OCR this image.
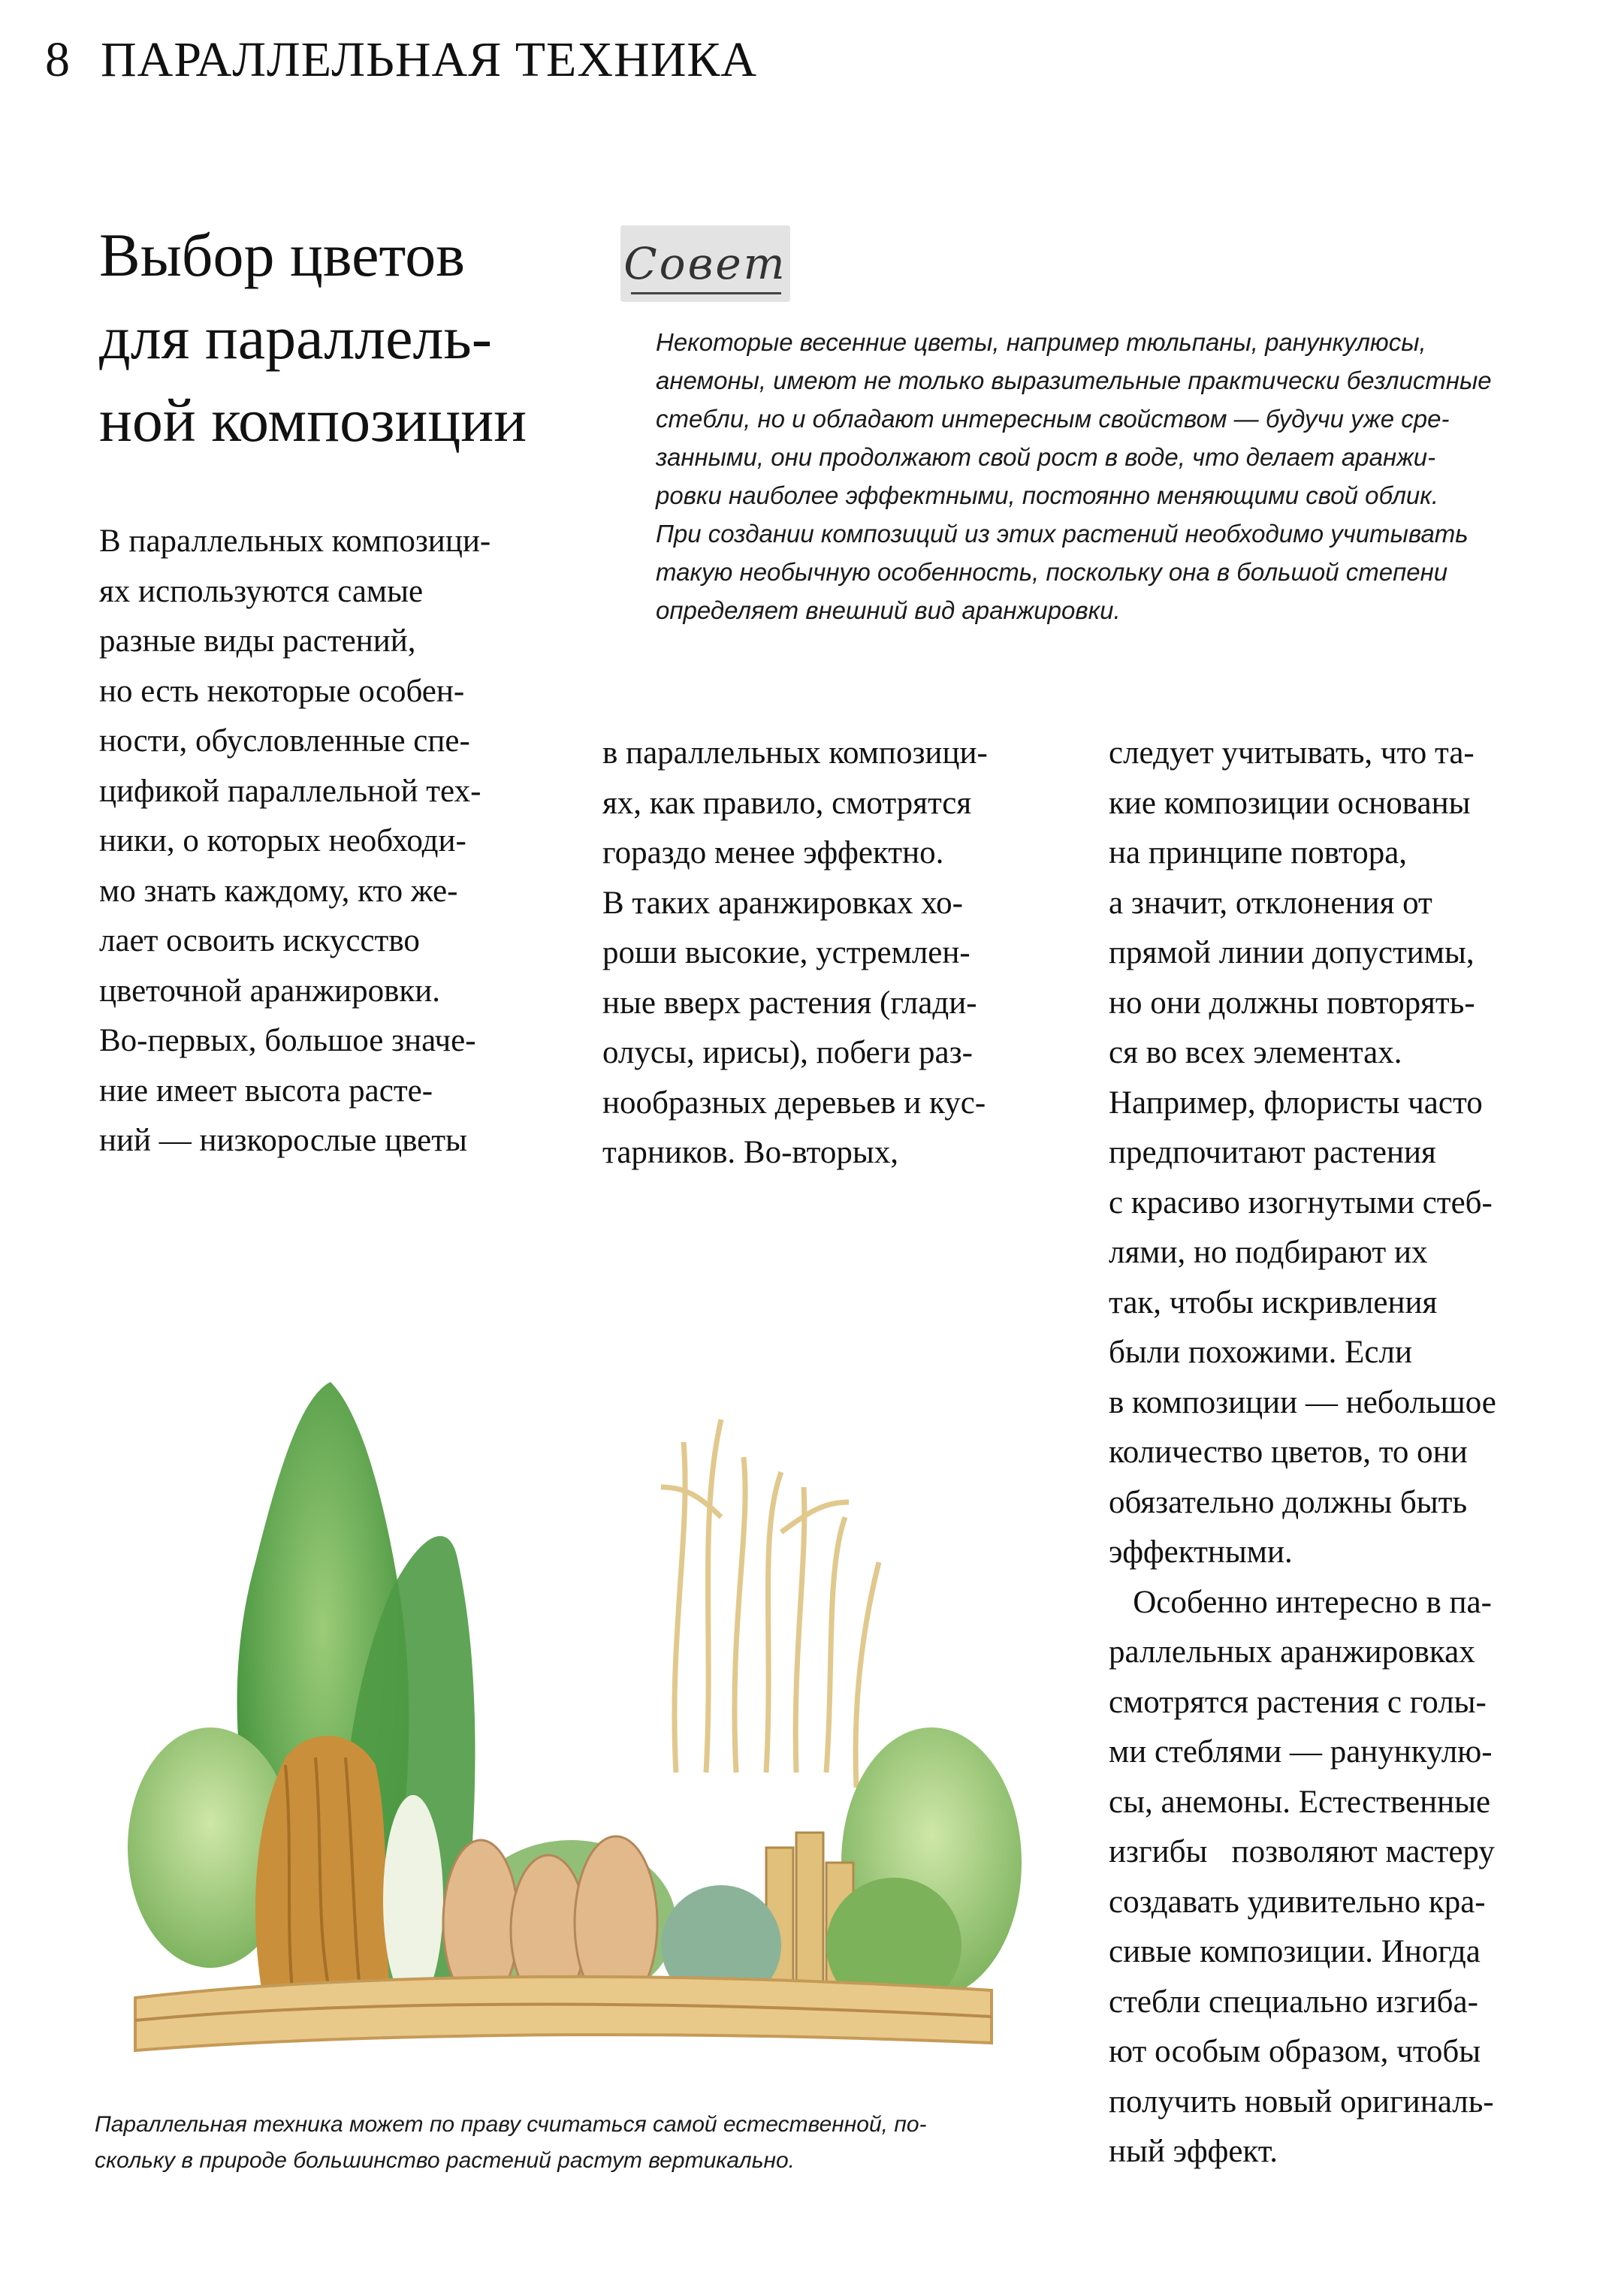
8 ПАРАЛЛЕЛЬНАЯ ТЕХНИКА
Выбор цветов
для параллель-
ной композиции
Совет
Некоторые весенние цветы, например тюльпаны, ранункулюсы,
анемоны, имеют не только выразительные практически безлистные
стебли, но и обладают интересным свойством — будучи уже сре-
занными, они продолжают свой рост в воде, что делает аранжи-
ровки наиболее эффектными, постоянно меняющими свой облик.
При создании композиций из этих растений необходимо учитывать
такую необычную особенность, поскольку она в большой степени
определяет внешний вид аранжировки.
В параллельных композици-
ях используются самые
разные виды растений,
но есть некоторые особен-
ности, обусловленные спе-
цификой параллельной тех-
ники, о которых необходи-
мо знать каждому, кто же-
лает освоить искусство
цветочной аранжировки.
Во-первых, большое значе-
ние имеет высота расте-
ний — низкорослые цветы
в параллельных композици-
ях, как правило, смотрятся
гораздо менее эффектно.
В таких аранжировках хо-
роши высокие, устремлен-
ные вверх растения (глади-
олусы, ирисы), побеги раз-
нообразных деревьев и кус-
тарников. Во-вторых,
следует учитывать, что та-
кие композиции основаны
на принципе повтора,
а значит, отклонения от
прямой линии допустимы,
но они должны повторять-
ся во всех элементах.
Например, флористы часто
предпочитают растения
с красиво изогнутыми стеб-
лями, но подбирают их
так, чтобы искривления
были похожими. Если
в композиции — небольшое
количество цветов, то они
обязательно должны быть
эффектными.
Особенно интересно в па-
раллельных аранжировках
смотрятся растения с голы-
ми стеблями — ранункулю-
сы, анемоны. Естественные
изгибы   позволяют мастеру
создавать удивительно кра-
сивые композиции. Иногда
стебли специально изгиба-
ют особым образом, чтобы
получить новый оригиналь-
ный эффект.
Параллельная техника может по праву считаться самой естественной, по-
скольку в природе большинство растений растут вертикально.
